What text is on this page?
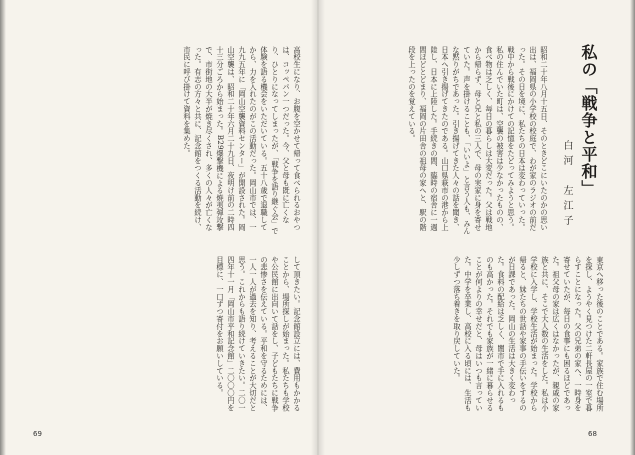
高校生になり、お腹を空かせて帰って食べられるおやつは、コッペパン一つだった。今、父と母も既に亡くなり、ひとりになってしまったが、「戦争を語り継ぐ会」で体験を語る機会をいただいている。五十八歳で退職してから、力を入れたのがこの活動だった。岡山市では、一九九五年に「岡山空襲資料センター」が開設された。岡山空襲は、昭和二十年六月二十九日、夜明け前の二時四十三分ごろから始まった。B29爆撃機による焼夷弾攻撃で、市街地の大半が焼き尽くされ、多くの人々が亡くなった。有志の方々と共に、記念館をつくる活動を続け、市民に呼び掛けて資料を集めた。
して頂きたい。記念館設立には、費用もかかることから、場所探しが始まった。私たちも学校や公民館に出向いて話をし、子どもたちに戦争の悲惨さを伝えている。平和を守るためには、一人一人が過去を知り、考えることが大切だと思う。これからも語り続けていきたい。二〇一四年十一月「岡山市平和記念館」二〇〇〇円を目標に、一口ずつ寄付をお願いしている。
69
私の「戦争と平和」
白河　左江子
昭和二十年八月十五日、そのときどこにいたのかの思い出は、福岡県の小学校の校庭で、わが家のラジオの前だった。その日を境に、私たちの日本は変わっていった。戦中から戦後にかけての記憶をたどってみようと思う。私の住んでいた町は、空襲の被害は少なかったものの、食べ物は乏しく、毎日の暮らしは大変だった。父は戦地から帰らず、母と兄と私の三人で、母の実家に身を寄せていた。声を掛けることも、「いいよ」と言う人も、みんな黙りがちであった。引き揚げてきた人々の話を聞き、日本へ引き揚げてきたのである。山口県萩市の港から上陸し、日本に上陸した。手続きの間、臨時の宿舎に一週間ほどとどまり、福岡の片田舎の祖母の家へと、駅の階段を上ったのを覚えている。
東京へ移った後のことである。家族で住む場所を探し、ようやく見つけた二軒長屋の一室で暮らすことになった。父の兄弟の家へ、一時身を寄せていたが、毎日の食事にも困るほどであった。祖父母の家は広くはなかったが、親戚の家族と共に、そこで大人数の生活をした。私は小学校に入学し、学校生活が始まった。学校から帰ると、妹たちの世話や家事の手伝いをするのが日課であった。岡山の生活は大きく変わった。食料の配給は乏しく、闇市で手に入れるものも高かった。それでも家族が一緒に暮らせることが何よりの幸せだと、母はいつも言っていた。中学を卒業し、高校に入る頃には、生活も少しずつ落ち着きを取り戻していた。
68
